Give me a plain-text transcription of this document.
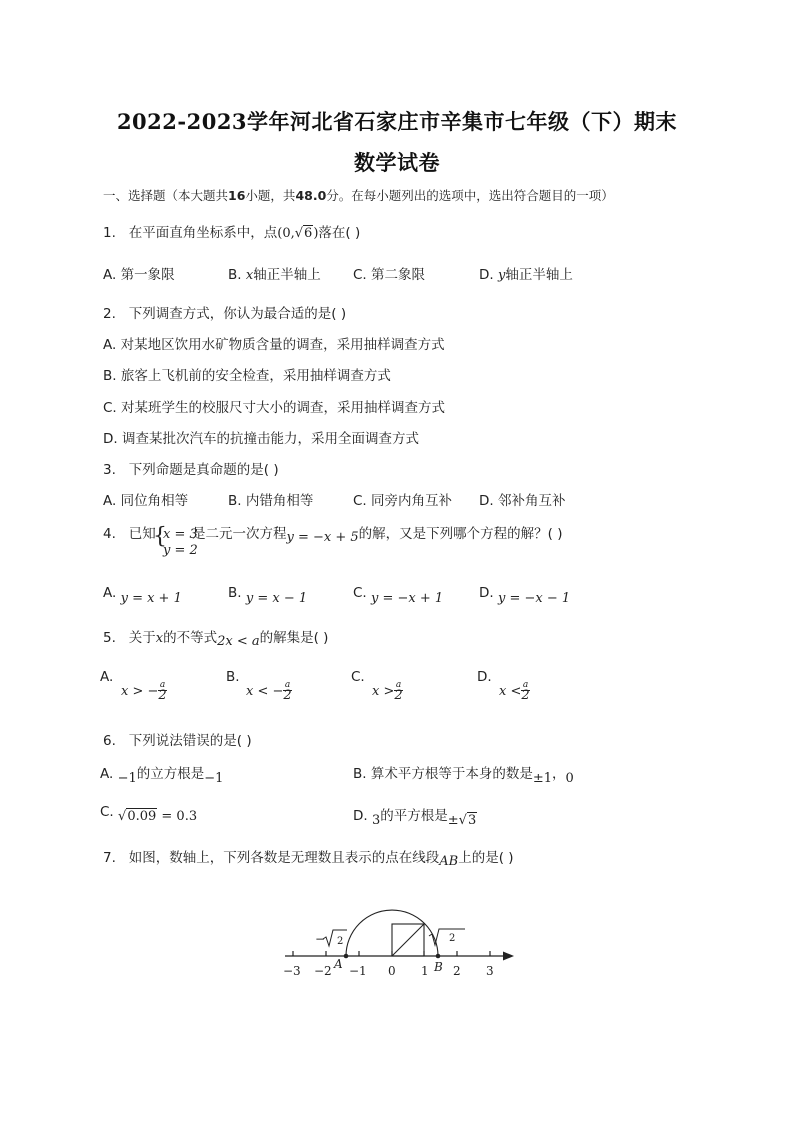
2022-2023学年河北省石家庄市辛集市七年级（下）期末
数学试卷
一、选择题（本大题共16小题，共48.0分。在每小题列出的选项中，选出符合题目的一项）
1. 在平面直角坐标系中，点(0,√6)落在( )
A. 第一象限	B. x轴正半轴上 C. 第二象限	D. y轴正半轴上
2. 下列调查方式，你认为最合适的是( )
A. 对某地区饮用水矿物质含量的调查，采用抽样调查方式
B. 旅客上飞机前的安全检查，采用抽样调查方式
C. 对某班学生的校服尺寸大小的调查，采用抽样调查方式
D. 调查某批次汽车的抗撞击能力，采用全面调查方式
3. 下列命题是真命题的是( )
A. 同位角相等	B. 内错角相等	C. 同旁内角互补 D. 邻补角互补
4. 已知
{
x = 3
y = 2
是二元一次方程y = −x + 5的解，又是下列哪个方程的解？( )
A. y = x + 1	B. y = x − 1	C. y = −x + 1	D. y = −x − 1
5. 关于x的不等式2x < a的解集是( )
A.
x > − $\frac{a}{2}$
B.
x < − $\frac{a}{2}$
C.
$x > \frac{a}{2}$
D.
$x < \frac{a}{2}$
6. 下列说法错误的是( )
A. −1的立方根是−1	B. 算术平方根等于本身的数是±1，0
C. √0.09 = 0.3	D. 3的平方根是±√3
7. 如图，数轴上，下列各数是无理数且表示的点在线段AB上的是( )
− 2	2
A	B
−3 −2 −1 0 1 2 3
